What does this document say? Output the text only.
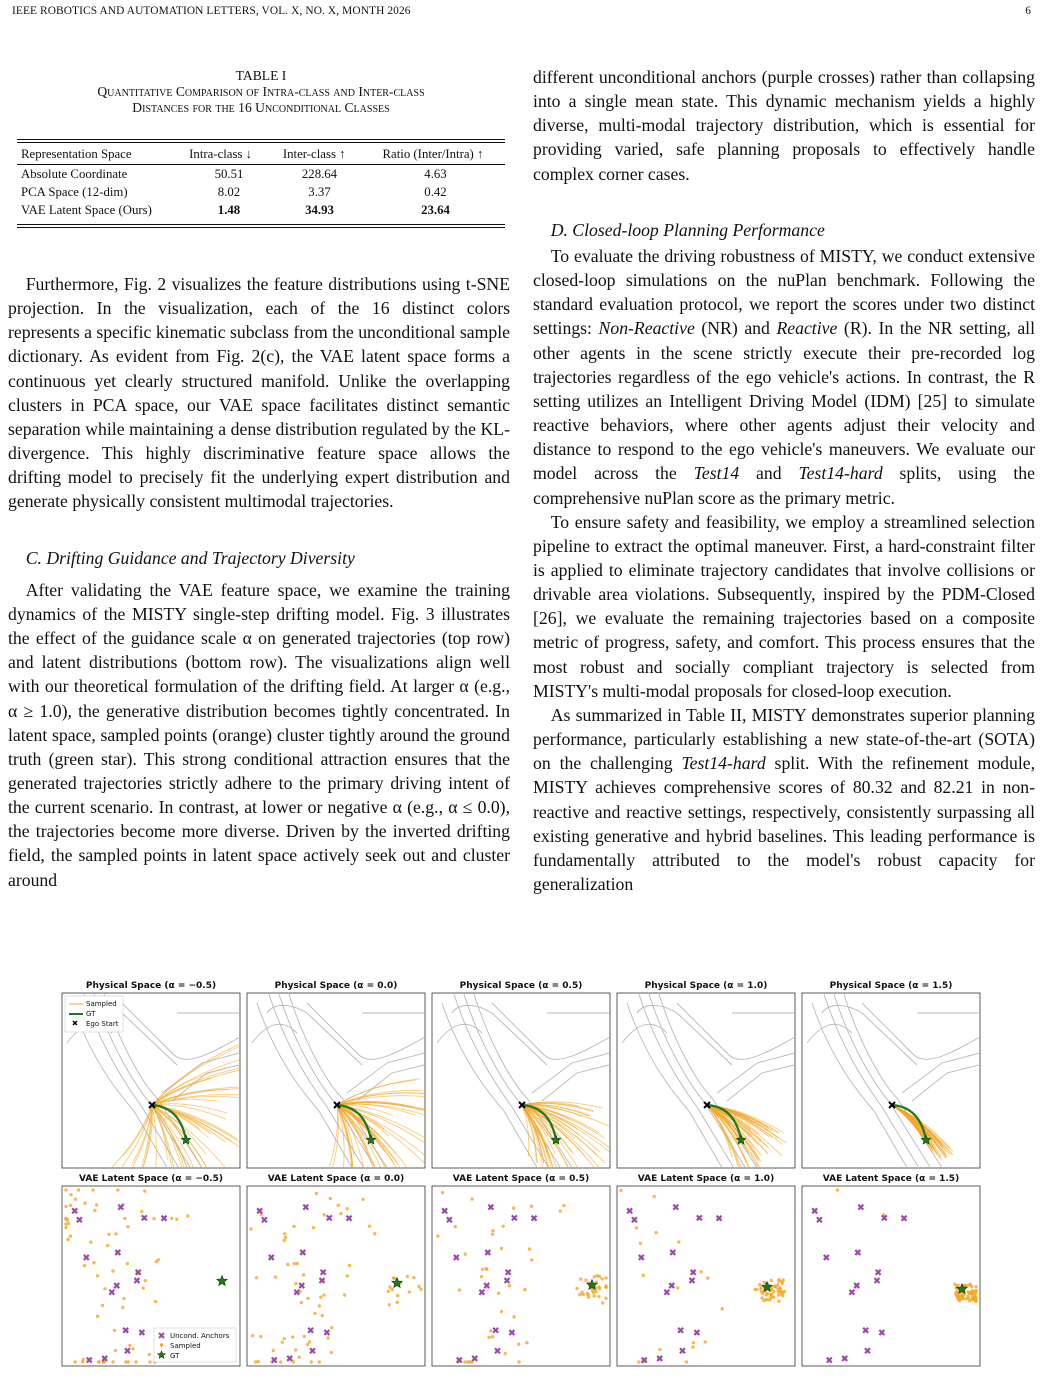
IEEE ROBOTICS AND AUTOMATION LETTERS, VOL. X, NO. X, MONTH 2026	6
TABLE I
Quantitative Comparison of Intra-class and Inter-class
Distances for the 16 Unconditional Classes
Representation Space	Intra-class ↓	Inter-class ↑	Ratio (Inter/Intra) ↑
Absolute Coordinate	50.51	228.64	4.63
PCA Space (12-dim)	8.02	3.37	0.42
VAE Latent Space (Ours)	1.48	34.93	23.64

Furthermore, Fig. 2 visualizes the feature distributions using t-SNE projection. In the visualization, each of the 16 distinct colors represents a specific kinematic subclass from the unconditional sample dictionary. As evident from Fig. 2(c), the VAE latent space forms a continuous yet clearly structured manifold. Unlike the overlapping clusters in PCA space, our VAE space facilitates distinct semantic separation while maintaining a dense distribution regulated by the KL-divergence. This highly discriminative feature space allows the drifting model to precisely fit the underlying expert distribution and generate physically consistent multimodal trajectories.

C. Drifting Guidance and Trajectory Diversity

After validating the VAE feature space, we examine the training dynamics of the MISTY single-step drifting model. Fig. 3 illustrates the effect of the guidance scale α on generated trajectories (top row) and latent distributions (bottom row). The visualizations align well with our theoretical formulation of the drifting field. At larger α (e.g., α ≥ 1.0), the generative distribution becomes tightly concentrated. In latent space, sampled points (orange) cluster tightly around the ground truth (green star). This strong conditional attraction ensures that the generated trajectories strictly adhere to the primary driving intent of the current scenario. In contrast, at lower or negative α (e.g., α ≤ 0.0), the trajectories become more diverse. Driven by the inverted drifting field, the sampled points in latent space actively seek out and cluster around

different unconditional anchors (purple crosses) rather than collapsing into a single mean state. This dynamic mechanism yields a highly diverse, multi-modal trajectory distribution, which is essential for providing varied, safe planning proposals to effectively handle complex corner cases.

D. Closed-loop Planning Performance

To evaluate the driving robustness of MISTY, we conduct extensive closed-loop simulations on the nuPlan benchmark. Following the standard evaluation protocol, we report the scores under two distinct settings: Non-Reactive (NR) and Reactive (R). In the NR setting, all other agents in the scene strictly execute their pre-recorded log trajectories regardless of the ego vehicle's actions. In contrast, the R setting utilizes an Intelligent Driving Model (IDM) [25] to simulate reactive behaviors, where other agents adjust their velocity and distance to respond to the ego vehicle's maneuvers. We evaluate our model across the Test14 and Test14-hard splits, using the comprehensive nuPlan score as the primary metric.

To ensure safety and feasibility, we employ a streamlined selection pipeline to extract the optimal maneuver. First, a hard-constraint filter is applied to eliminate trajectory candidates that involve collisions or drivable area violations. Subsequently, inspired by the PDM-Closed [26], we evaluate the remaining trajectories based on a composite metric of progress, safety, and comfort. This process ensures that the most robust and socially compliant trajectory is selected from MISTY's multi-modal proposals for closed-loop execution.

As summarized in Table II, MISTY demonstrates superior planning performance, particularly establishing a new state-of-the-art (SOTA) on the challenging Test14-hard split. With the refinement module, MISTY achieves comprehensive scores of 80.32 and 82.21 in non-reactive and reactive settings, respectively, consistently surpassing all existing generative and hybrid baselines. This leading performance is fundamentally attributed to the model's robust capacity for generalization

Physical Space (α = −0.5)
VAE Latent Space (α = −0.5)
Sampled
GT
Ego Start
Uncond. Anchors
Sampled
GT
Physical Space (α = 0.0)
VAE Latent Space (α = 0.0)
Physical Space (α = 0.5)
VAE Latent Space (α = 0.5)
Physical Space (α = 1.0)
VAE Latent Space (α = 1.0)
Physical Space (α = 1.5)
VAE Latent Space (α = 1.5)
